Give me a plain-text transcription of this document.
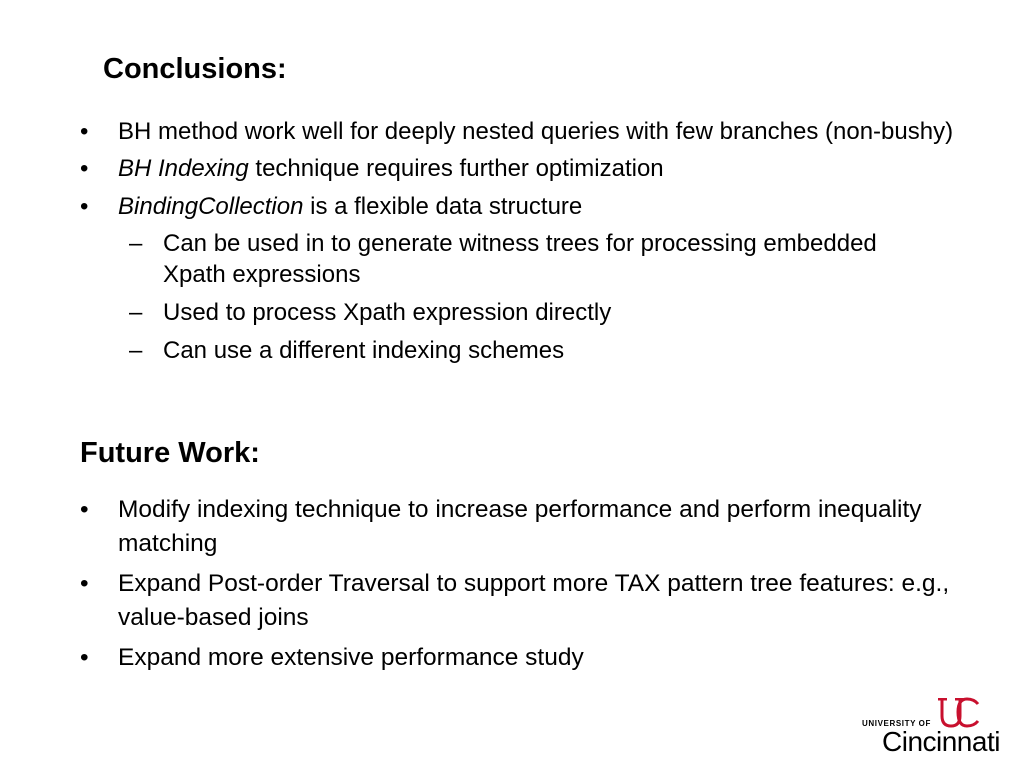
Conclusions:
• BH method work well for deeply nested queries with few branches (non-bushy)
• BH Indexing technique requires further optimization
• BindingCollection is a flexible data structure
– Can be used in to generate witness trees for processing embedded Xpath expressions
– Used to process Xpath expression directly
– Can use a different indexing schemes
Future Work:
• Modify indexing technique to increase performance and perform inequality matching
• Expand Post-order Traversal to support more TAX pattern tree features: e.g., value-based joins
• Expand more extensive performance study
UNIVERSITY OF
Cincinnati
